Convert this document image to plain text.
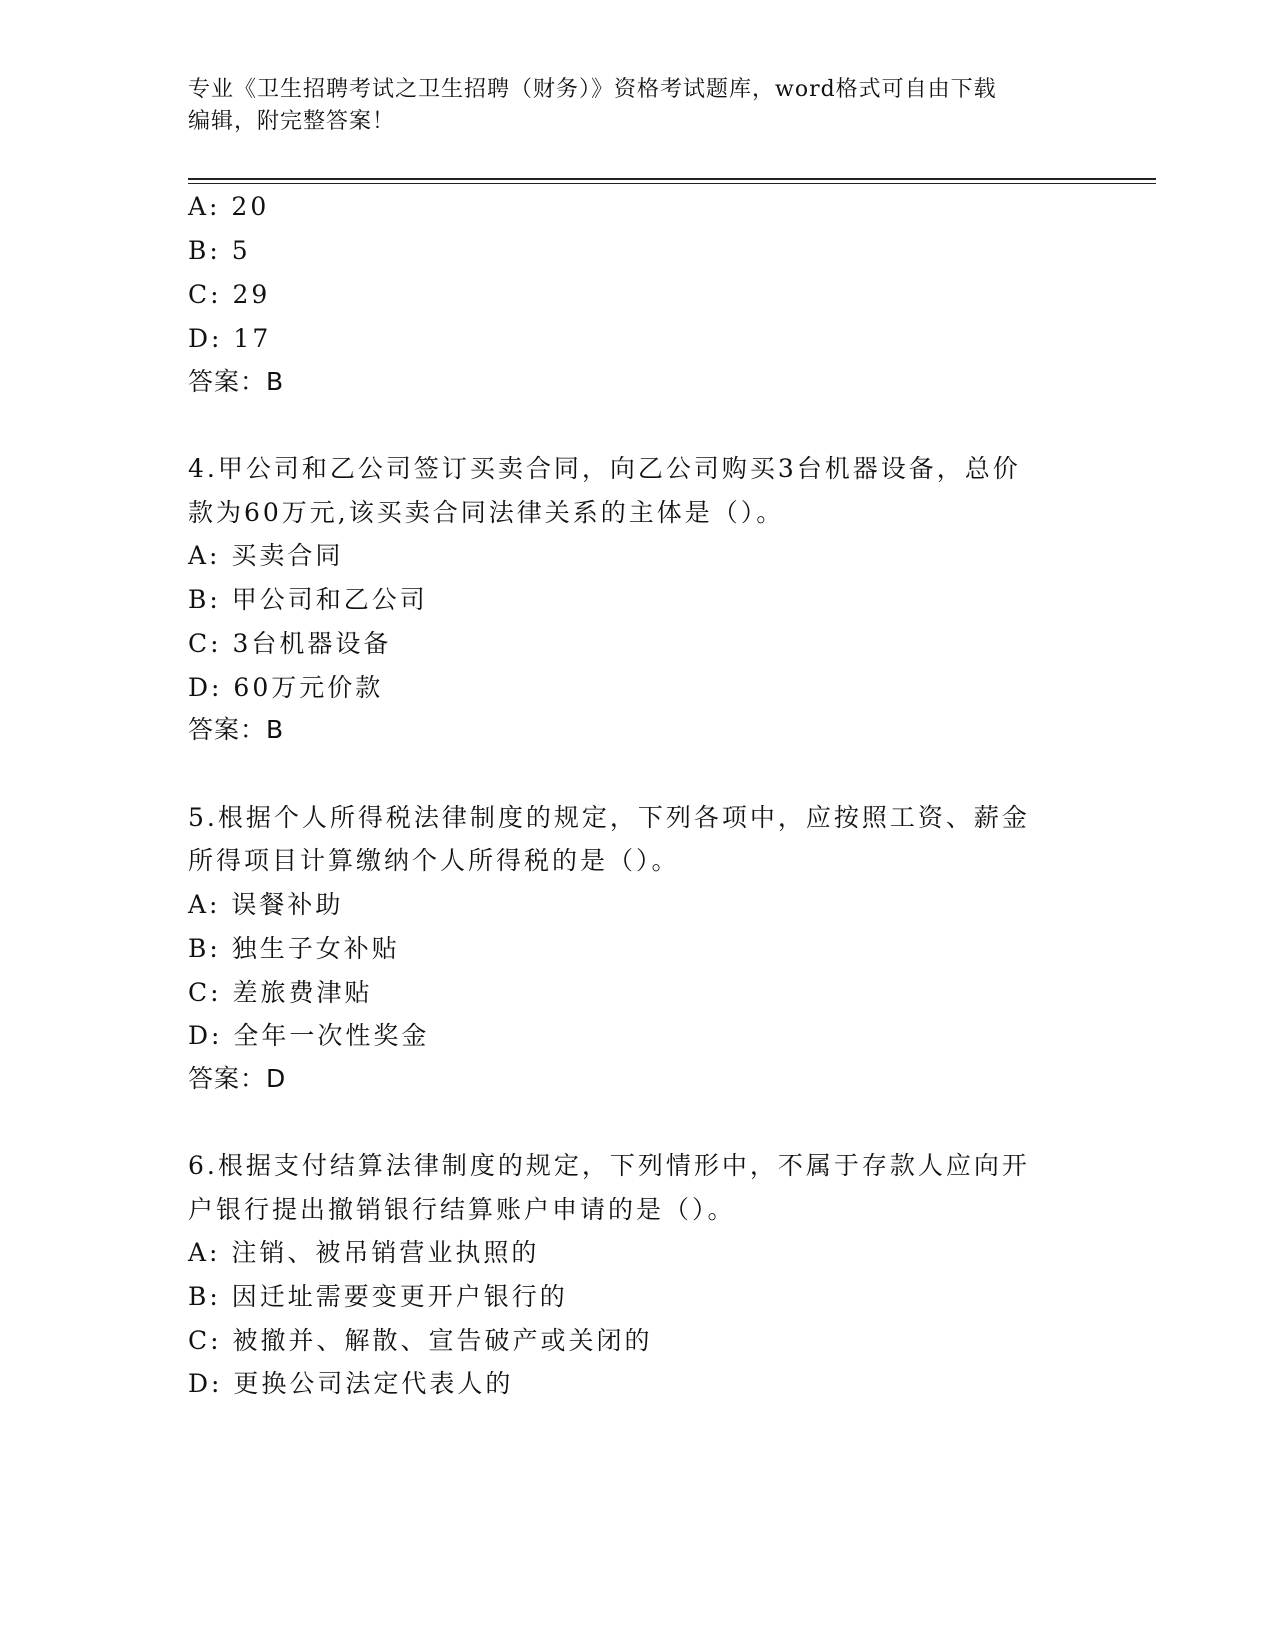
专业《卫生招聘考试之卫生招聘（财务）》资格考试题库，word格式可自由下载
编辑，附完整答案！
A: 20
B: 5
C: 29
D: 17
答案：B
4.甲公司和乙公司签订买卖合同，向乙公司购买3台机器设备，总价
款为60万元,该买卖合同法律关系的主体是（）。
A: 买卖合同
B: 甲公司和乙公司
C: 3台机器设备
D: 60万元价款
答案：B
5.根据个人所得税法律制度的规定，下列各项中，应按照工资、薪金
所得项目计算缴纳个人所得税的是（）。
A: 误餐补助
B: 独生子女补贴
C: 差旅费津贴
D: 全年一次性奖金
答案：D
6.根据支付结算法律制度的规定，下列情形中，不属于存款人应向开
户银行提出撤销银行结算账户申请的是（）。
A: 注销、被吊销营业执照的
B: 因迁址需要变更开户银行的
C: 被撤并、解散、宣告破产或关闭的
D: 更换公司法定代表人的
